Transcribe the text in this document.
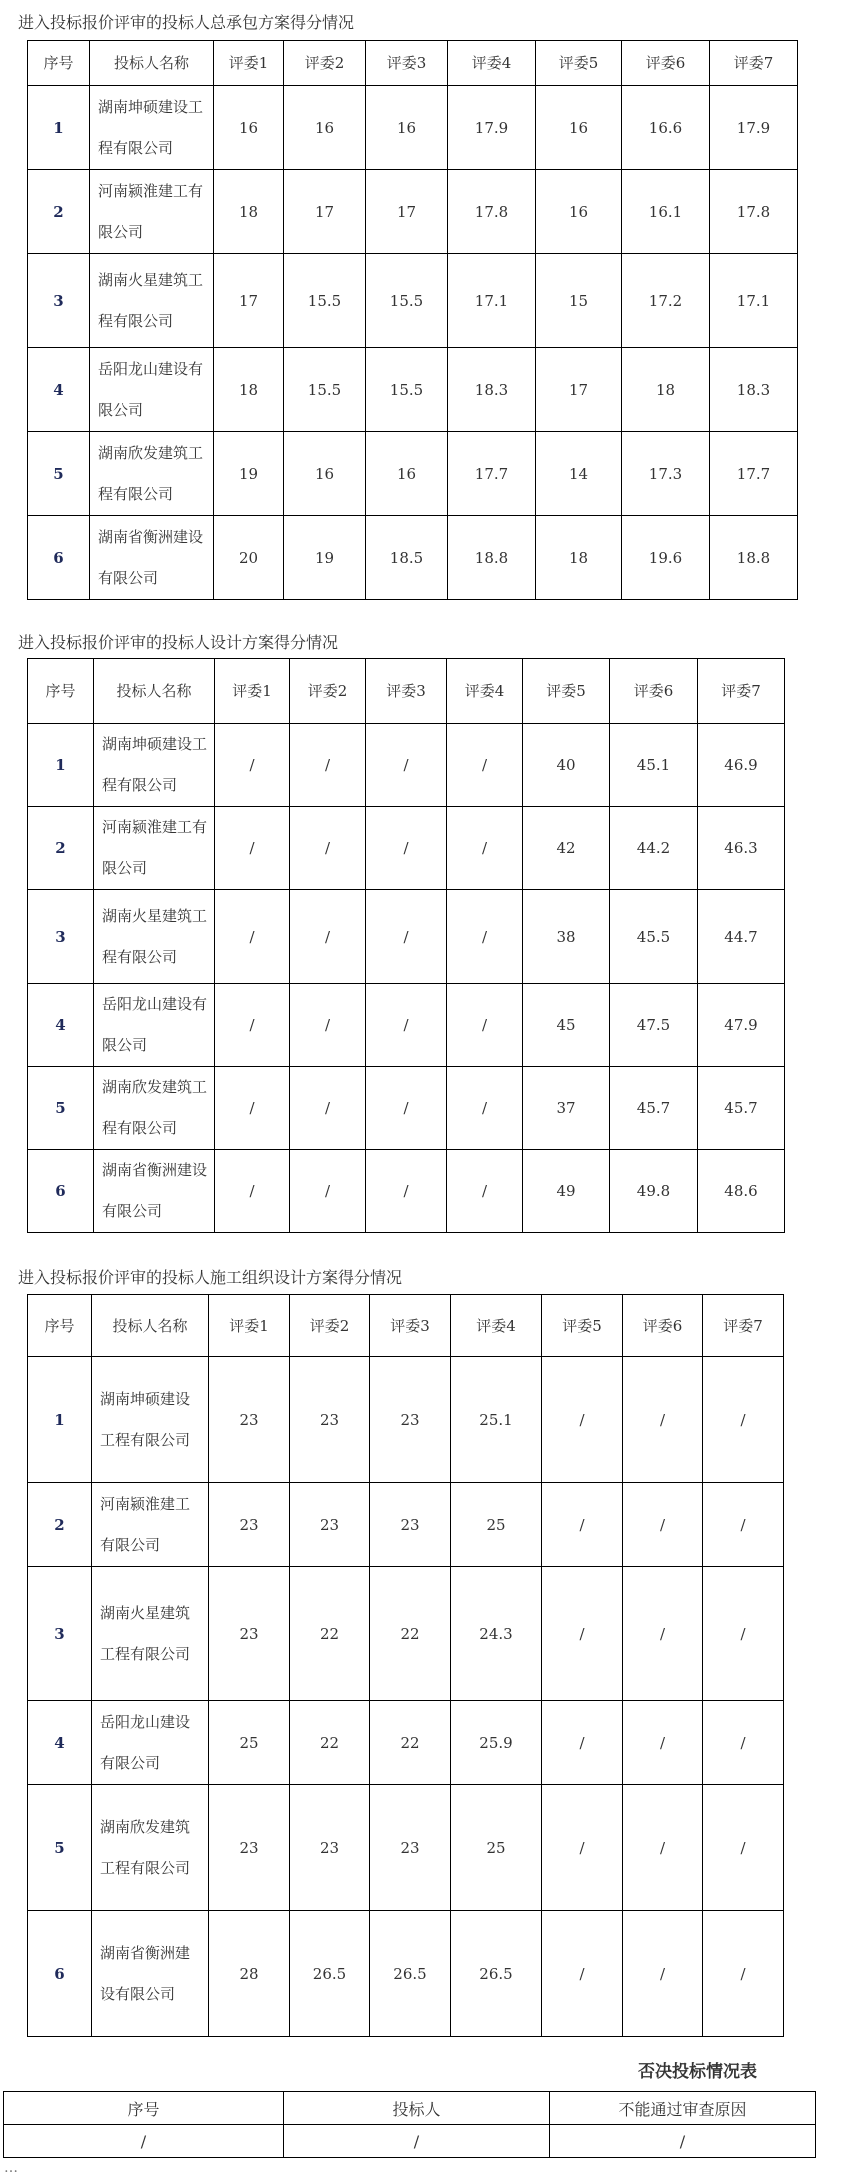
进入投标报价评审的投标人总承包方案得分情况
序号	投标人名称	评委1	评委2	评委3	评委4	评委5	评委6	评委7
1	湖南坤硕建设工程有限公司	16	16	16	17.9	16	16.6	17.9
2	河南颍淮建工有限公司	18	17	17	17.8	16	16.1	17.8
3	湖南火星建筑工程有限公司	17	15.5	15.5	17.1	15	17.2	17.1
4	岳阳龙山建设有限公司	18	15.5	15.5	18.3	17	18	18.3
5	湖南欣发建筑工程有限公司	19	16	16	17.7	14	17.3	17.7
6	湖南省衡洲建设有限公司	20	19	18.5	18.8	18	19.6	18.8
进入投标报价评审的投标人设计方案得分情况
序号	投标人名称	评委1	评委2	评委3	评委4	评委5	评委6	评委7
1	湖南坤硕建设工程有限公司	/	/	/	/	40	45.1	46.9
2	河南颍淮建工有限公司	/	/	/	/	42	44.2	46.3
3	湖南火星建筑工程有限公司	/	/	/	/	38	45.5	44.7
4	岳阳龙山建设有限公司	/	/	/	/	45	47.5	47.9
5	湖南欣发建筑工程有限公司	/	/	/	/	37	45.7	45.7
6	湖南省衡洲建设有限公司	/	/	/	/	49	49.8	48.6
进入投标报价评审的投标人施工组织设计方案得分情况
序号	投标人名称	评委1	评委2	评委3	评委4	评委5	评委6	评委7
1	湖南坤硕建设工程有限公司	23	23	23	25.1	/	/	/
2	河南颍淮建工有限公司	23	23	23	25	/	/	/
3	湖南火星建筑工程有限公司	23	22	22	24.3	/	/	/
4	岳阳龙山建设有限公司	25	22	22	25.9	/	/	/
5	湖南欣发建筑工程有限公司	23	23	23	25	/	/	/
6	湖南省衡洲建设有限公司	28	26.5	26.5	26.5	/	/	/
否决投标情况表
序号	投标人	不能通过审查原因
/	/	/
…
